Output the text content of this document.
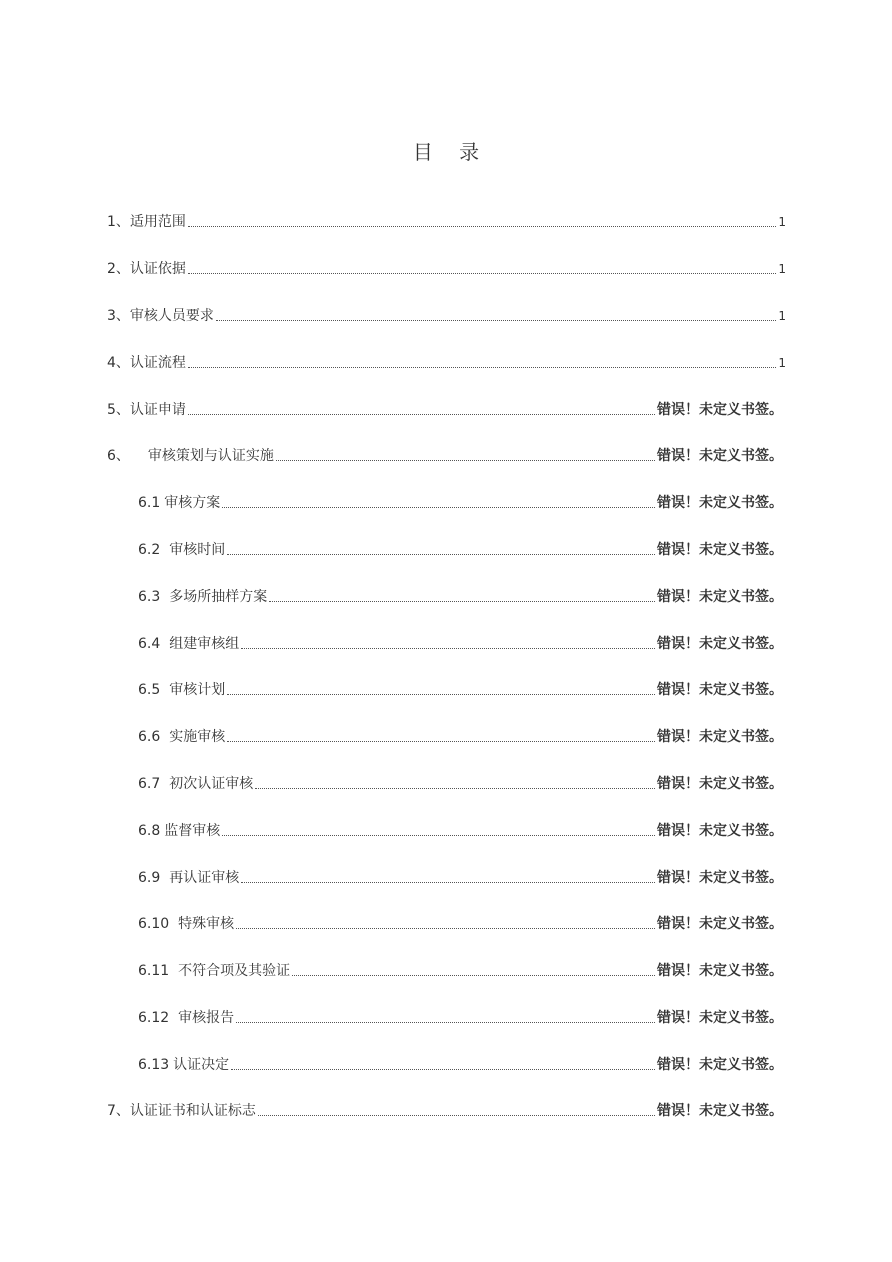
目 录
1、适用范围	1
2、认证依据	1
3、审核人员要求	1
4、认证流程	1
5、认证申请	错误！未定义书签。
6、 审核策划与认证实施	错误！未定义书签。
6.1 审核方案	错误！未定义书签。
6.2 审核时间	错误！未定义书签。
6.3 多场所抽样方案	错误！未定义书签。
6.4 组建审核组	错误！未定义书签。
6.5 审核计划	错误！未定义书签。
6.6 实施审核	错误！未定义书签。
6.7 初次认证审核	错误！未定义书签。
6.8 监督审核	错误！未定义书签。
6.9 再认证审核	错误！未定义书签。
6.10 特殊审核	错误！未定义书签。
6.11 不符合项及其验证	错误！未定义书签。
6.12 审核报告	错误！未定义书签。
6.13 认证决定	错误！未定义书签。
7、认证证书和认证标志	错误！未定义书签。
